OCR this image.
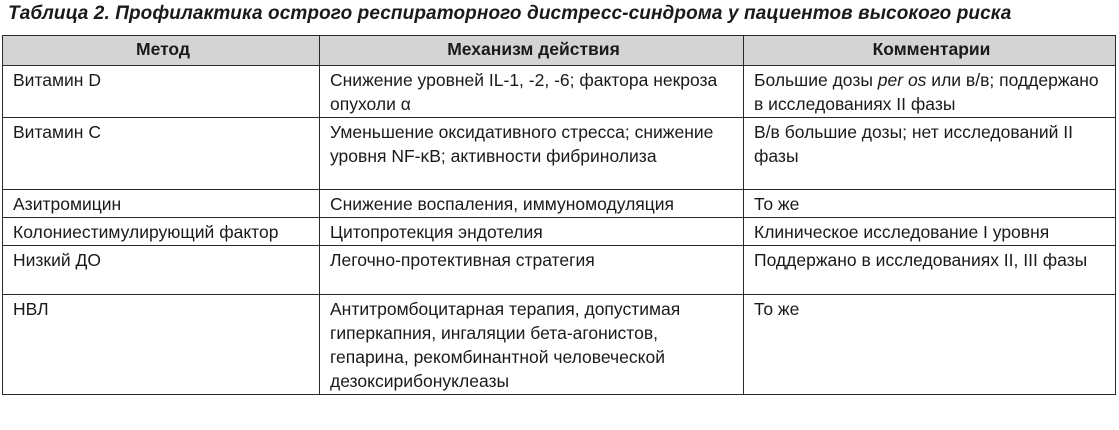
Таблица 2. Профилактика острого респираторного дистресс-синдрома у пациентов высокого риска
Метод	Механизм действия	Комментарии
Витамин D	Снижение уровней IL-1, -2, -6; фактора некроза опухоли α	Большие дозы per os или в/в; поддержано в исследованиях II фазы
Витамин С	Уменьшение оксидативного стресса; снижение уровня NF-κB; активности фибринолиза	В/в большие дозы; нет исследований II фазы
Азитромицин	Снижение воспаления, иммуномодуляция	То же
Колониестимулирующий фактор	Цитопротекция эндотелия	Клиническое исследование I уровня
Низкий ДО	Легочно-протективная стратегия	Поддержано в исследованиях II, III фазы
НВЛ	Антитромбоцитарная терапия, допустимая гиперкапния, ингаляции бета-агонистов, гепарина, рекомбинантной человеческой дезоксирибонуклеазы	То же
